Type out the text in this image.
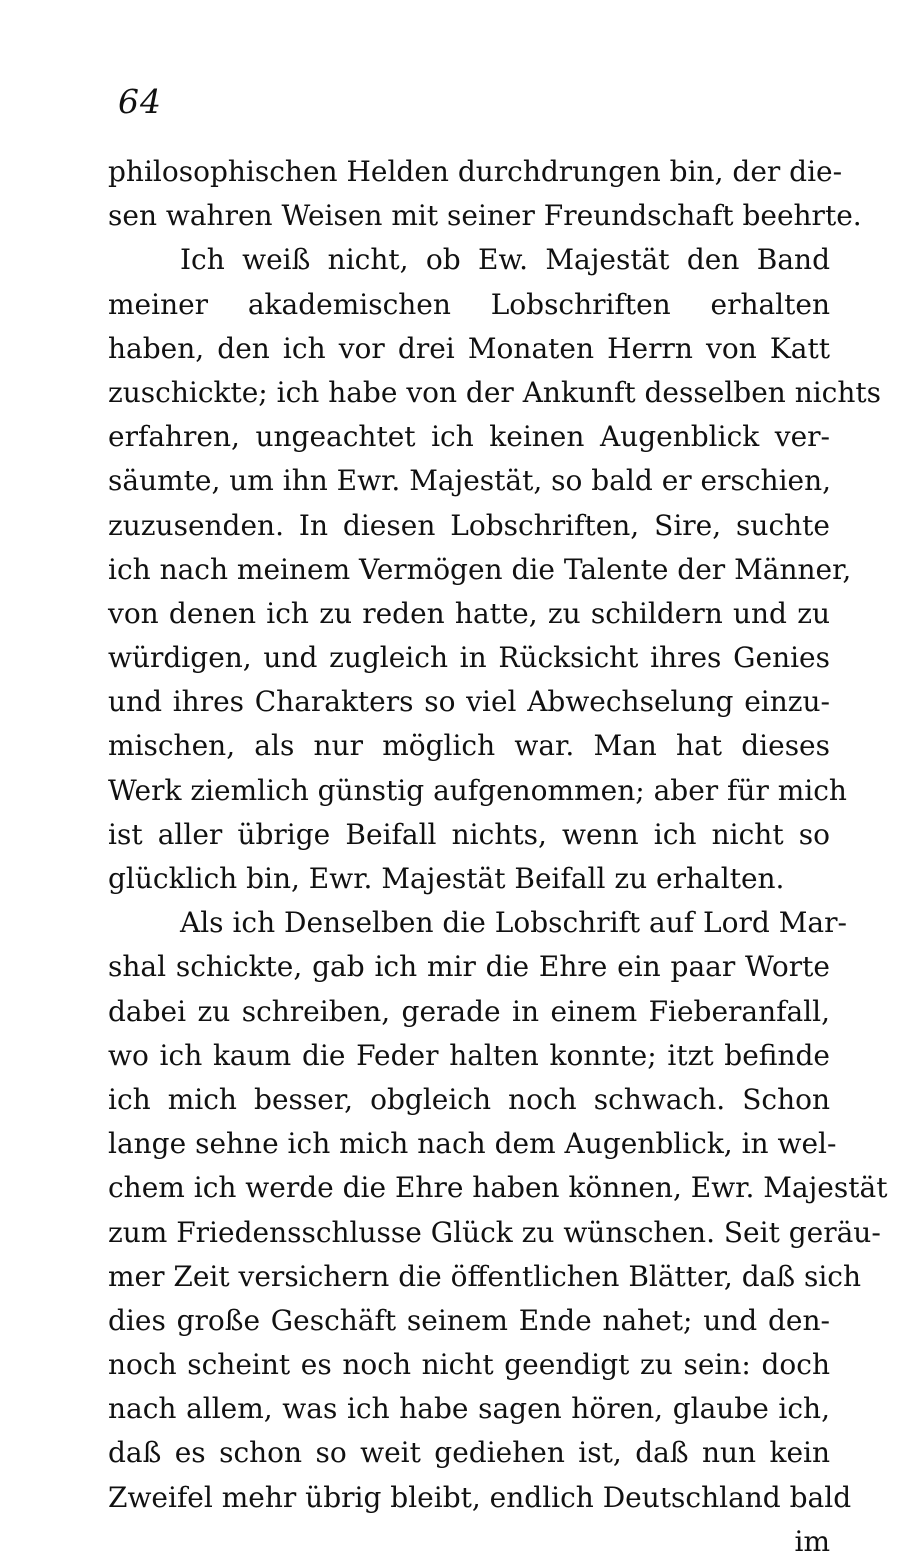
64
philosophischen Helden durchdrungen bin, der die-
sen wahren Weisen mit seiner Freundschaft beehrte.
Ich weiß nicht, ob Ew. Majestät den Band
meiner akademischen Lobschriften erhalten
haben, den ich vor drei Monaten Herrn von Katt
zuschickte; ich habe von der Ankunft desselben nichts
erfahren, ungeachtet ich keinen Augenblick ver-
säumte, um ihn Ewr. Majestät, so bald er erschien,
zuzusenden. In diesen Lobschriften, Sire, suchte
ich nach meinem Vermögen die Talente der Männer,
von denen ich zu reden hatte, zu schildern und zu
würdigen, und zugleich in Rücksicht ihres Genies
und ihres Charakters so viel Abwechselung einzu-
mischen, als nur möglich war. Man hat dieses
Werk ziemlich günstig aufgenommen; aber für mich
ist aller übrige Beifall nichts, wenn ich nicht so
glücklich bin, Ewr. Majestät Beifall zu erhalten.
Als ich Denselben die Lobschrift auf Lord Mar-
shal schickte, gab ich mir die Ehre ein paar Worte
dabei zu schreiben, gerade in einem Fieberanfall,
wo ich kaum die Feder halten konnte; itzt befinde
ich mich besser, obgleich noch schwach. Schon
lange sehne ich mich nach dem Augenblick, in wel-
chem ich werde die Ehre haben können, Ewr. Majestät
zum Friedensschlusse Glück zu wünschen. Seit geräu-
mer Zeit versichern die öffentlichen Blätter, daß sich
dies große Geschäft seinem Ende nahet; und den-
noch scheint es noch nicht geendigt zu sein: doch
nach allem, was ich habe sagen hören, glaube ich,
daß es schon so weit gediehen ist, daß nun kein
Zweifel mehr übrig bleibt, endlich Deutschland bald
im
